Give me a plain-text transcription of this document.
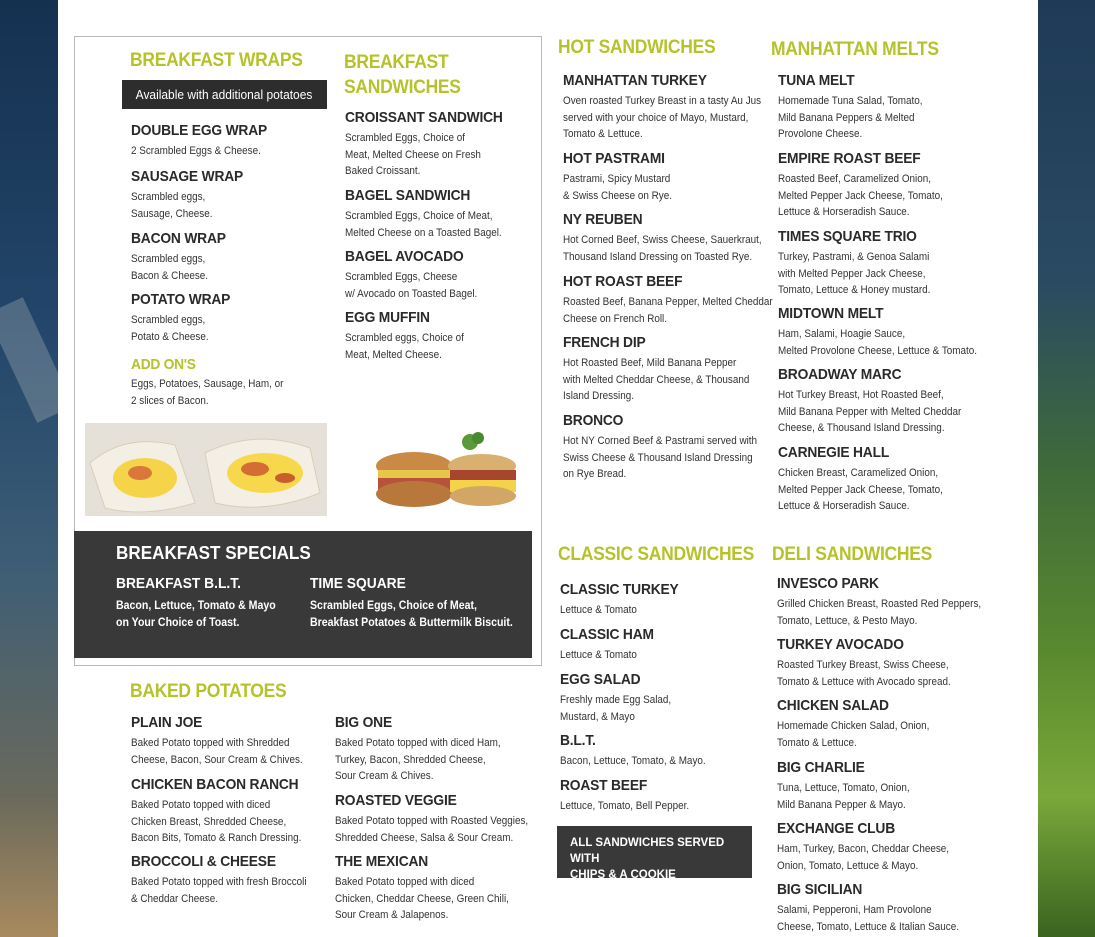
BREAKFAST WRAPS
Available with additional potatoes
DOUBLE EGG WRAP
2 Scrambled Eggs & Cheese.
SAUSAGE WRAP
Scrambled eggs,
Sausage, Cheese.
BACON WRAP
Scrambled eggs,
Bacon & Cheese.
POTATO WRAP
Scrambled eggs,
Potato & Cheese.
ADD ON'S
Eggs, Potatoes, Sausage, Ham, or
2 slices of Bacon.
BREAKFAST
SANDWICHES
CROISSANT SANDWICH
Scrambled Eggs, Choice of
Meat, Melted Cheese on Fresh
Baked Croissant.
BAGEL SANDWICH
Scrambled Eggs, Choice of Meat,
Melted Cheese on a Toasted Bagel.
BAGEL AVOCADO
Scrambled Eggs, Cheese
w/ Avocado on Toasted Bagel.
EGG MUFFIN
Scrambled eggs, Choice of
Meat, Melted Cheese.
BREAKFAST SPECIALS
BREAKFAST B.L.T.
Bacon, Lettuce, Tomato & Mayo
on Your Choice of Toast.
TIME SQUARE
Scrambled Eggs, Choice of Meat,
Breakfast Potatoes & Buttermilk Biscuit.
BAKED POTATOES
PLAIN JOE
Baked Potato topped with Shredded
Cheese, Bacon, Sour Cream & Chives.
CHICKEN BACON RANCH
Baked Potato topped with diced
Chicken Breast, Shredded Cheese,
Bacon Bits, Tomato & Ranch Dressing.
BROCCOLI & CHEESE
Baked Potato topped with fresh Broccoli
& Cheddar Cheese.
BIG ONE
Baked Potato topped with diced Ham,
Turkey, Bacon, Shredded Cheese,
Sour Cream & Chives.
ROASTED VEGGIE
Baked Potato topped with Roasted Veggies,
Shredded Cheese, Salsa & Sour Cream.
THE MEXICAN
Baked Potato topped with diced
Chicken, Cheddar Cheese, Green Chili,
Sour Cream & Jalapenos.
HOT SANDWICHES
MANHATTAN TURKEY
Oven roasted Turkey Breast in a tasty Au Jus
served with your choice of Mayo, Mustard,
Tomato & Lettuce.
HOT PASTRAMI
Pastrami, Spicy Mustard
& Swiss Cheese on Rye.
NY REUBEN
Hot Corned Beef, Swiss Cheese, Sauerkraut,
Thousand Island Dressing on Toasted Rye.
HOT ROAST BEEF
Roasted Beef, Banana Pepper, Melted Cheddar
Cheese on French Roll.
FRENCH DIP
Hot Roasted Beef, Mild Banana Pepper
with Melted Cheddar Cheese, & Thousand
Island Dressing.
BRONCO
Hot NY Corned Beef & Pastrami served with
Swiss Cheese & Thousand Island Dressing
on Rye Bread.
MANHATTAN MELTS
TUNA MELT
Homemade Tuna Salad, Tomato,
Mild Banana Peppers & Melted
Provolone Cheese.
EMPIRE ROAST BEEF
Roasted Beef, Caramelized Onion,
Melted Pepper Jack Cheese, Tomato,
Lettuce & Horseradish Sauce.
TIMES SQUARE TRIO
Turkey, Pastrami, & Genoa Salami
with Melted Pepper Jack Cheese,
Tomato, Lettuce & Honey mustard.
MIDTOWN MELT
Ham, Salami, Hoagie Sauce,
Melted Provolone Cheese, Lettuce & Tomato.
BROADWAY MARC
Hot Turkey Breast, Hot Roasted Beef,
Mild Banana Pepper with Melted Cheddar
Cheese, & Thousand Island Dressing.
CARNEGIE HALL
Chicken Breast, Caramelized Onion,
Melted Pepper Jack Cheese, Tomato,
Lettuce & Horseradish Sauce.
CLASSIC SANDWICHES
CLASSIC TURKEY
Lettuce & Tomato
CLASSIC HAM
Lettuce & Tomato
EGG SALAD
Freshly made Egg Salad,
Mustard, & Mayo
B.L.T.
Bacon, Lettuce, Tomato, & Mayo.
ROAST BEEF
Lettuce, Tomato, Bell Pepper.
ALL SANDWICHES SERVED WITH
CHIPS & A COOKIE
DELI SANDWICHES
INVESCO PARK
Grilled Chicken Breast, Roasted Red Peppers,
Tomato, Lettuce, & Pesto Mayo.
TURKEY AVOCADO
Roasted Turkey Breast, Swiss Cheese,
Tomato & Lettuce with Avocado spread.
CHICKEN SALAD
Homemade Chicken Salad, Onion,
Tomato & Lettuce.
BIG CHARLIE
Tuna, Lettuce, Tomato, Onion,
Mild Banana Pepper & Mayo.
EXCHANGE CLUB
Ham, Turkey, Bacon, Cheddar Cheese,
Onion, Tomato, Lettuce & Mayo.
BIG SICILIAN
Salami, Pepperoni, Ham Provolone
Cheese, Tomato, Lettuce & Italian Sauce.
